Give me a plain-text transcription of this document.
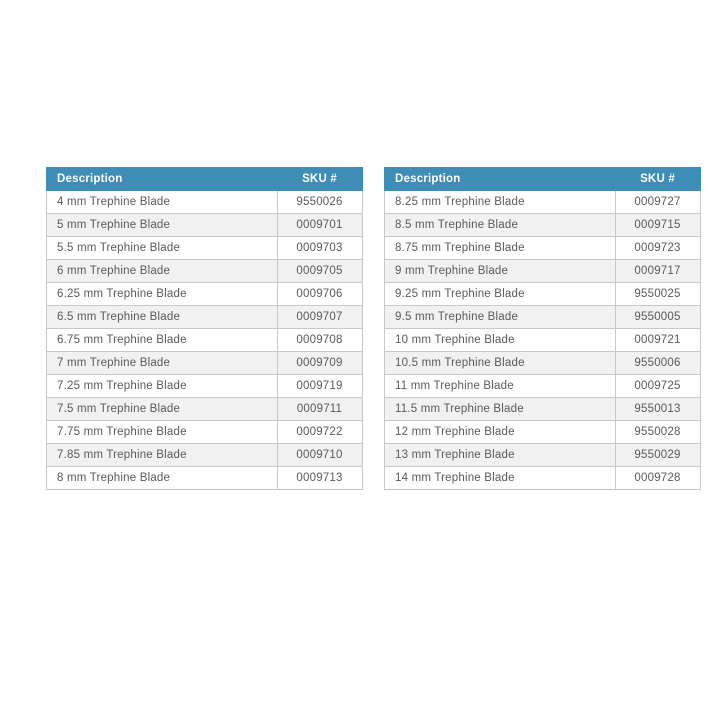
Description	SKU #
4 mm Trephine Blade	9550026
5 mm Trephine Blade	0009701
5.5 mm Trephine Blade	0009703
6 mm Trephine Blade	0009705
6.25 mm Trephine Blade	0009706
6.5 mm Trephine Blade	0009707
6.75 mm Trephine Blade	0009708
7 mm Trephine Blade	0009709
7.25 mm Trephine Blade	0009719
7.5 mm Trephine Blade	0009711
7.75 mm Trephine Blade	0009722
7.85 mm Trephine Blade	0009710
8 mm Trephine Blade	0009713
Description	SKU #
8.25 mm Trephine Blade	0009727
8.5 mm Trephine Blade	0009715
8.75 mm Trephine Blade	0009723
9 mm Trephine Blade	0009717
9.25 mm Trephine Blade	9550025
9.5 mm Trephine Blade	9550005
10 mm Trephine Blade	0009721
10.5 mm Trephine Blade	9550006
11 mm Trephine Blade	0009725
11.5 mm Trephine Blade	9550013
12 mm Trephine Blade	9550028
13 mm Trephine Blade	9550029
14 mm Trephine Blade	0009728
